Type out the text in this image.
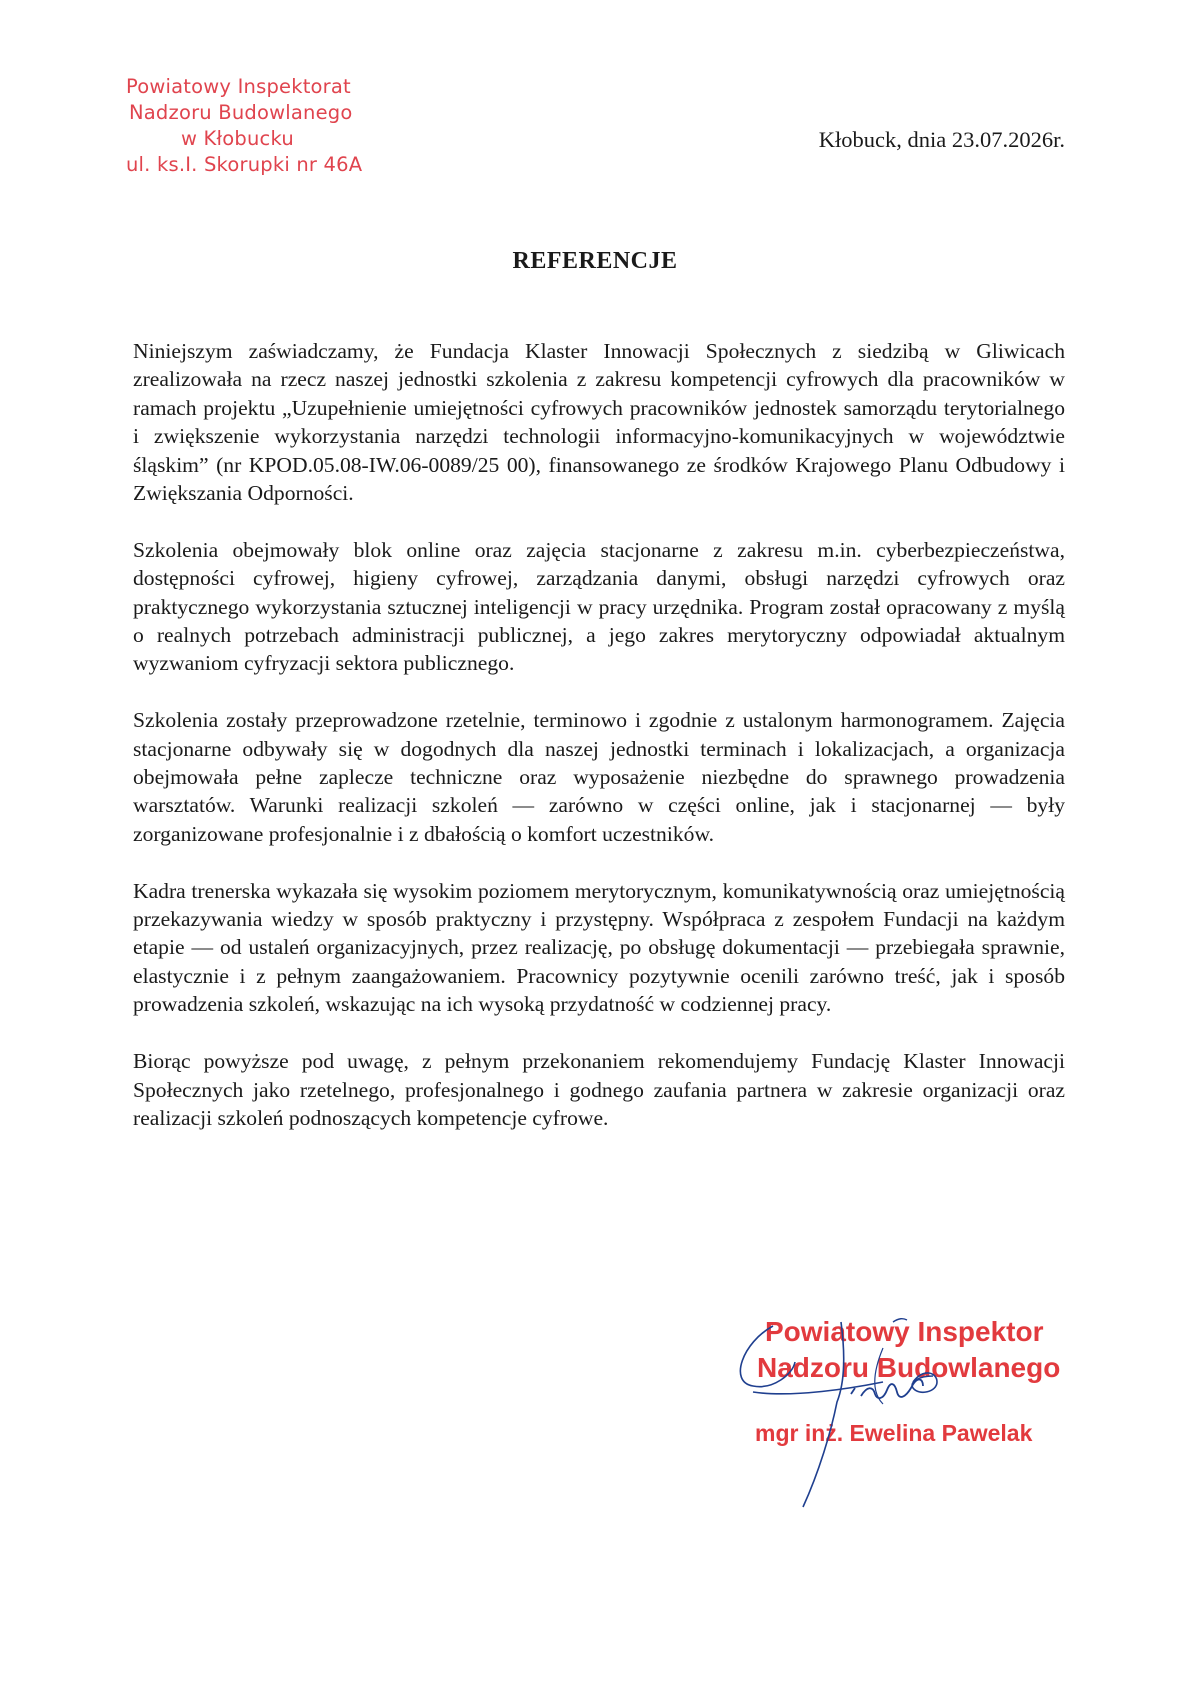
Powiatowy Inspektorat
Nadzoru Budowlanego
w Kłobucku
ul. ks.I. Skorupki nr 46A
Kłobuck, dnia 23.07.2026r.
REFERENCJE

Niniejszym zaświadczamy, że Fundacja Klaster Innowacji Społecznych z siedzibą w Gliwicach zrealizowała na rzecz naszej jednostki szkolenia z zakresu kompetencji cyfrowych dla pracowników w ramach projektu „Uzupełnienie umiejętności cyfrowych pracowników jednostek samorządu terytorialnego i zwiększenie wykorzystania narzędzi technologii informacyjno-komunikacyjnych w województwie śląskim” (nr KPOD.05.08-IW.06-0089/25 00), finansowanego ze środków Krajowego Planu Odbudowy i Zwiększania Odporności.

Szkolenia obejmowały blok online oraz zajęcia stacjonarne z zakresu m.in. cyberbezpieczeństwa, dostępności cyfrowej, higieny cyfrowej, zarządzania danymi, obsługi narzędzi cyfrowych oraz praktycznego wykorzystania sztucznej inteligencji w pracy urzędnika. Program został opracowany z myślą o realnych potrzebach administracji publicznej, a jego zakres merytoryczny odpowiadał aktualnym wyzwaniom cyfryzacji sektora publicznego.

Szkolenia zostały przeprowadzone rzetelnie, terminowo i zgodnie z ustalonym harmonogramem. Zajęcia stacjonarne odbywały się w dogodnych dla naszej jednostki terminach i lokalizacjach, a organizacja obejmowała pełne zaplecze techniczne oraz wyposażenie niezbędne do sprawnego prowadzenia warsztatów. Warunki realizacji szkoleń — zarówno w części online, jak i stacjonarnej — były zorganizowane profesjonalnie i z dbałością o komfort uczestników.

Kadra trenerska wykazała się wysokim poziomem merytorycznym, komunikatywnością oraz umiejętnością przekazywania wiedzy w sposób praktyczny i przystępny. Współpraca z zespołem Fundacji na każdym etapie — od ustaleń organizacyjnych, przez realizację, po obsługę dokumentacji — przebiegała sprawnie, elastycznie i z pełnym zaangażowaniem. Pracownicy pozytywnie ocenili zarówno treść, jak i sposób prowadzenia szkoleń, wskazując na ich wysoką przydatność w codziennej pracy.

Biorąc powyższe pod uwagę, z pełnym przekonaniem rekomendujemy Fundację Klaster Innowacji Społecznych jako rzetelnego, profesjonalnego i godnego zaufania partnera w zakresie organizacji oraz realizacji szkoleń podnoszących kompetencje cyfrowe.

Powiatowy Inspektor
Nadzoru Budowlanego
mgr inż. Ewelina Pawelak
